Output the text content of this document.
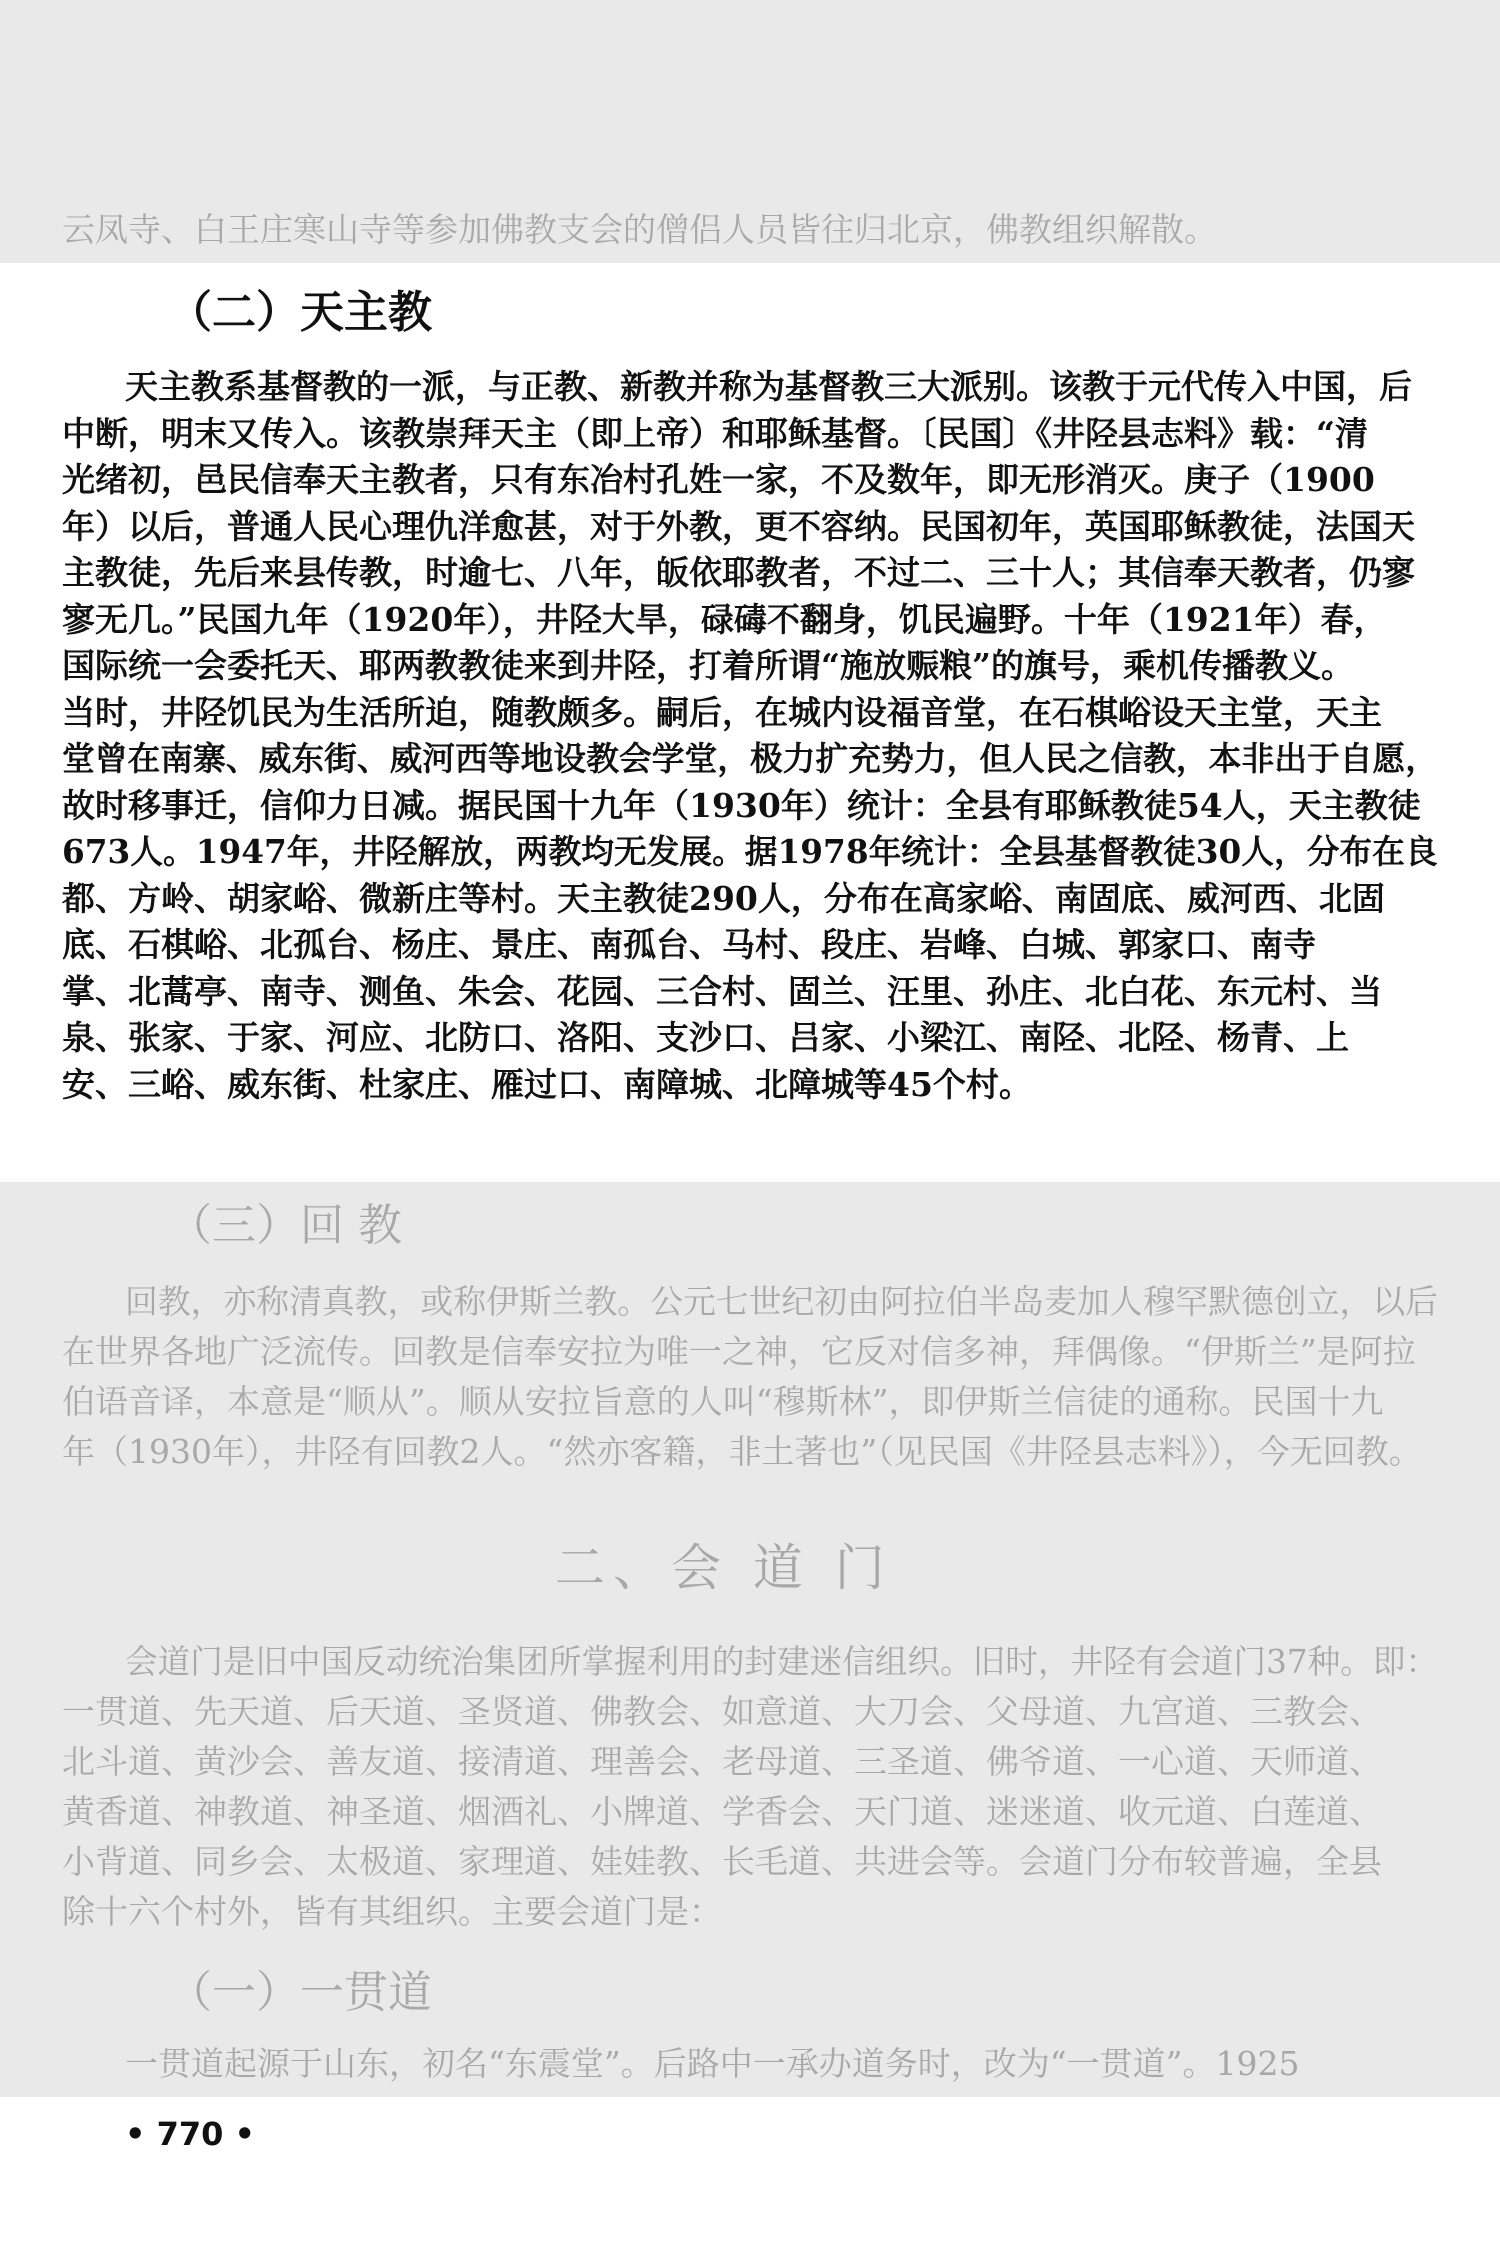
云凤寺、白王庄寒山寺等参加佛教支会的僧侣人员皆往归北京，佛教组织解散。
（二）天主教
天主教系基督教的一派，与正教、新教并称为基督教三大派别。该教于元代传入中国，后
中断，明末又传入。该教崇拜天主（即上帝）和耶稣基督。〔民国〕《井陉县志料》载：“清
光绪初，邑民信奉天主教者，只有东冶村孔姓一家，不及数年，即无形消灭。庚子（1900
年）以后，普通人民心理仇洋愈甚，对于外教，更不容纳。民国初年，英国耶稣教徒，法国天
主教徒，先后来县传教，时逾七、八年，皈依耶教者，不过二、三十人；其信奉天教者，仍寥
寥无几。”民国九年（1920年），井陉大旱，碌碡不翻身，饥民遍野。十年（1921年）春，
国际统一会委托天、耶两教教徒来到井陉，打着所谓“施放赈粮”的旗号，乘机传播教义。
当时，井陉饥民为生活所迫，随教颇多。嗣后，在城内设福音堂，在石棋峪设天主堂，天主
堂曾在南寨、威东街、威河西等地设教会学堂，极力扩充势力，但人民之信教，本非出于自愿，
故时移事迁，信仰力日减。据民国十九年（1930年）统计：全县有耶稣教徒54人，天主教徒
673人。1947年，井陉解放，两教均无发展。据1978年统计：全县基督教徒30人，分布在良
都、方岭、胡家峪、微新庄等村。天主教徒290人，分布在高家峪、南固底、威河西、北固
底、石棋峪、北孤台、杨庄、景庄、南孤台、马村、段庄、岩峰、白城、郭家口、南寺
掌、北蒿亭、南寺、测鱼、朱会、花园、三合村、固兰、汪里、孙庄、北白花、东元村、当
泉、张家、于家、河应、北防口、洛阳、支沙口、吕家、小梁江、南陉、北陉、杨青、上
安、三峪、威东街、杜家庄、雁过口、南障城、北障城等45个村。
（三）回 教
回教，亦称清真教，或称伊斯兰教。公元七世纪初由阿拉伯半岛麦加人穆罕默德创立，以后
在世界各地广泛流传。回教是信奉安拉为唯一之神，它反对信多神，拜偶像。“伊斯兰”是阿拉
伯语音译，本意是“顺从”。顺从安拉旨意的人叫“穆斯林”，即伊斯兰信徒的通称。民国十九
年（1930年），井陉有回教2人。“然亦客籍，非土著也”（见民国《井陉县志料》），今无回教。
二、会 道 门
会道门是旧中国反动统治集团所掌握利用的封建迷信组织。旧时，井陉有会道门37种。即：
一贯道、先天道、后天道、圣贤道、佛教会、如意道、大刀会、父母道、九宫道、三教会、
北斗道、黄沙会、善友道、接清道、理善会、老母道、三圣道、佛爷道、一心道、天师道、
黄香道、神教道、神圣道、烟酒礼、小牌道、学香会、天门道、迷迷道、收元道、白莲道、
小背道、同乡会、太极道、家理道、娃娃教、长毛道、共进会等。会道门分布较普遍，全县
除十六个村外，皆有其组织。主要会道门是：
（一）一贯道
一贯道起源于山东，初名“东震堂”。后路中一承办道务时，改为“一贯道”。1925
• 770 •
